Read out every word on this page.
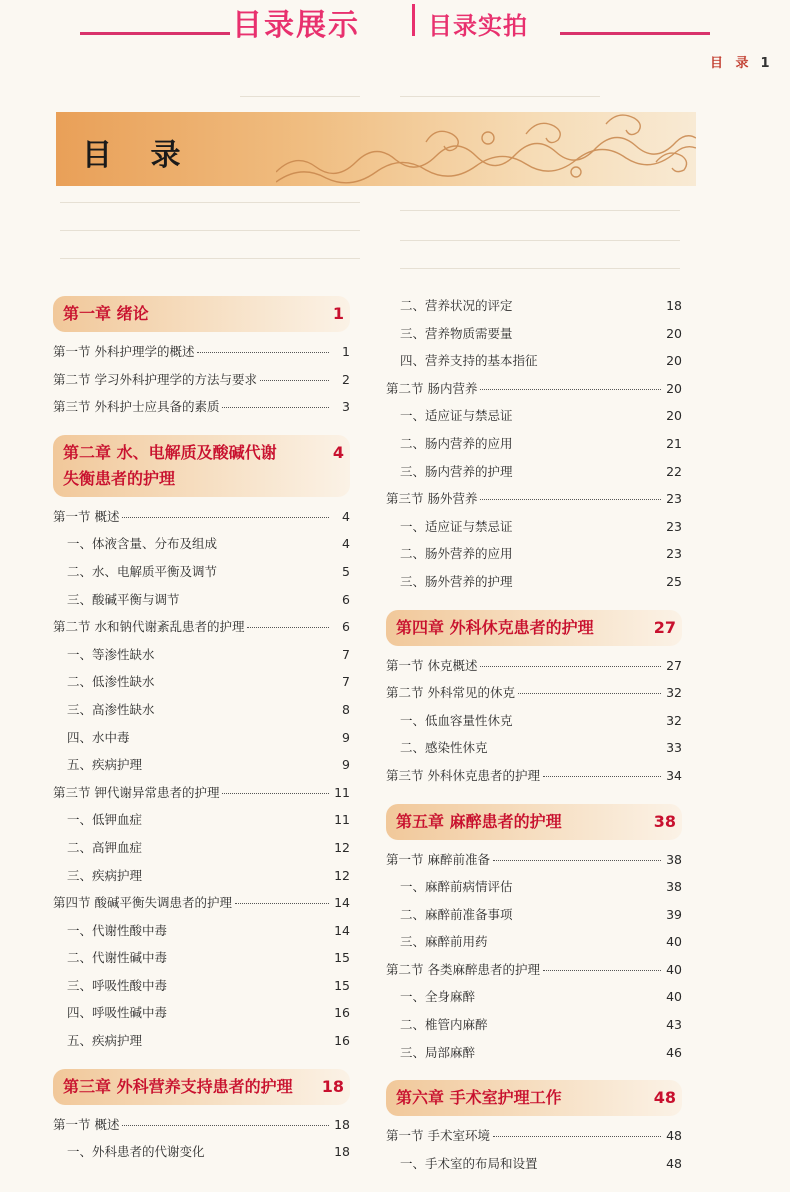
目录展示	目录实拍
目 录 1
目 录
第一章 绪论	1
第一节 外科护理学的概述	1
第二节 学习外科护理学的方法与要求	2
第三节 外科护士应具备的素质	3
第二章 水、电解质及酸碱代谢
失衡患者的护理
4
第一节 概述	4
一、体液含量、分布及组成	4
二、水、电解质平衡及调节	5
三、酸碱平衡与调节	6
第二节 水和钠代谢紊乱患者的护理	6
一、等渗性缺水	7
二、低渗性缺水	7
三、高渗性缺水	8
四、水中毒	9
五、疾病护理	9
第三节 钾代谢异常患者的护理	11
一、低钾血症	11
二、高钾血症	12
三、疾病护理	12
第四节 酸碱平衡失调患者的护理	14
一、代谢性酸中毒	14
二、代谢性碱中毒	15
三、呼吸性酸中毒	15
四、呼吸性碱中毒	16
五、疾病护理	16
第三章 外科营养支持患者的护理 18
第一节 概述	18
一、外科患者的代谢变化	18
二、营养状况的评定	18
三、营养物质需要量	20
四、营养支持的基本指征	20
第二节 肠内营养	20
一、适应证与禁忌证	20
二、肠内营养的应用	21
三、肠内营养的护理	22
第三节 肠外营养	23
一、适应证与禁忌证	23
二、肠外营养的应用	23
三、肠外营养的护理	25
第四章 外科休克患者的护理	27
第一节 休克概述	27
第二节 外科常见的休克	32
一、低血容量性休克	32
二、感染性休克	33
第三节 外科休克患者的护理	34
第五章 麻醉患者的护理	38
第一节 麻醉前准备	38
一、麻醉前病情评估	38
二、麻醉前准备事项	39
三、麻醉前用药	40
第二节 各类麻醉患者的护理	40
一、全身麻醉	40
二、椎管内麻醉	43
三、局部麻醉	46
第六章 手术室护理工作	48
第一节 手术室环境	48
一、手术室的布局和设置	48
